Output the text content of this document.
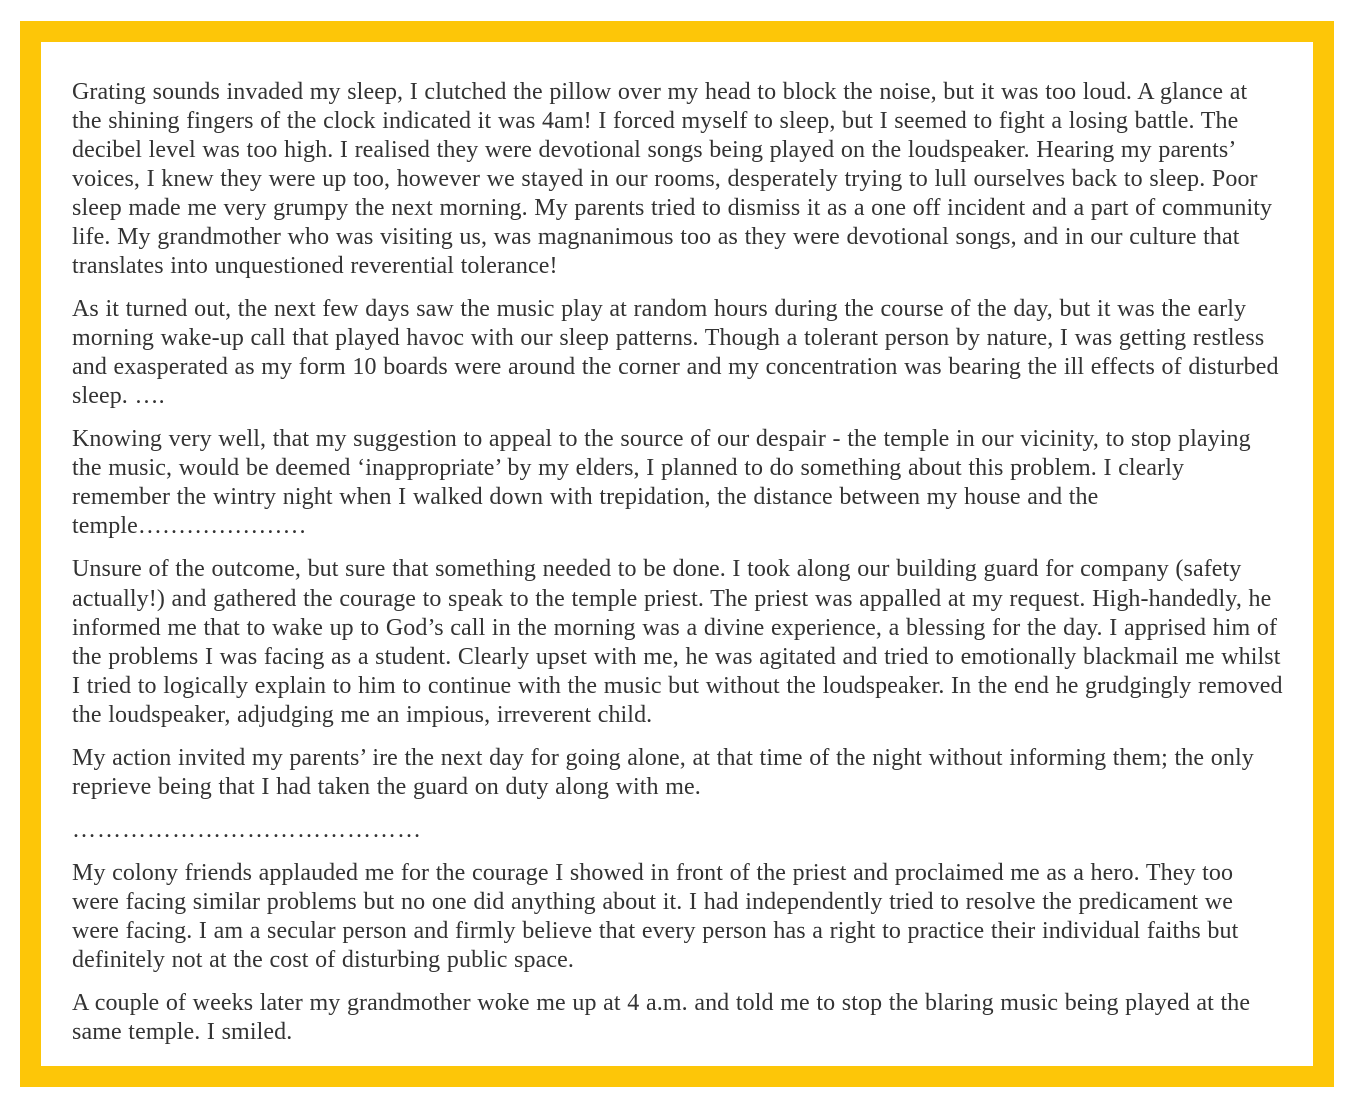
Grating sounds invaded my sleep, I clutched the pillow over my head to block the noise, but it was too loud. A glance at the shining fingers of the clock indicated it was 4am! I forced myself to sleep, but I seemed to fight a losing battle. The decibel level was too high. I realised they were devotional songs being played on the loudspeaker. Hearing my parents’ voices, I knew they were up too, however we stayed in our rooms, desperately trying to lull ourselves back to sleep. Poor sleep made me very grumpy the next morning. My parents tried to dismiss it as a one off incident and a part of community life. My grandmother who was visiting us, was magnanimous too as they were devotional songs, and in our culture that translates into unquestioned reverential tolerance!

As it turned out, the next few days saw the music play at random hours during the course of the day, but it was the early morning wake-up call that played havoc with our sleep patterns. Though a tolerant person by nature, I was getting restless and exasperated as my form 10 boards were around the corner and my concentration was bearing the ill effects of disturbed sleep. ….

Knowing very well, that my suggestion to appeal to the source of our despair - the temple in our vicinity, to stop playing the music, would be deemed ‘inappropriate’ by my elders, I planned to do something about this problem. I clearly remember the wintry night when I walked down with trepidation, the distance between my house and the temple…………………

Unsure of the outcome, but sure that something needed to be done. I took along our building guard for company (safety actually!) and gathered the courage to speak to the temple priest. The priest was appalled at my request. High-handedly, he informed me that to wake up to God’s call in the morning was a divine experience, a blessing for the day. I apprised him of the problems I was facing as a student. Clearly upset with me, he was agitated and tried to emotionally blackmail me whilst I tried to logically explain to him to continue with the music but without the loudspeaker. In the end he grudgingly removed the loudspeaker, adjudging me an impious, irreverent child.

My action invited my parents’ ire the next day for going alone, at that time of the night without informing them; the only reprieve being that I had taken the guard on duty along with me.

……………………………………

My colony friends applauded me for the courage I showed in front of the priest and proclaimed me as a hero. They too were facing similar problems but no one did anything about it. I had independently tried to resolve the predicament we were facing. I am a secular person and firmly believe that every person has a right to practice their individual faiths but definitely not at the cost of disturbing public space.

A couple of weeks later my grandmother woke me up at 4 a.m. and told me to stop the blaring music being played at the same temple. I smiled.
